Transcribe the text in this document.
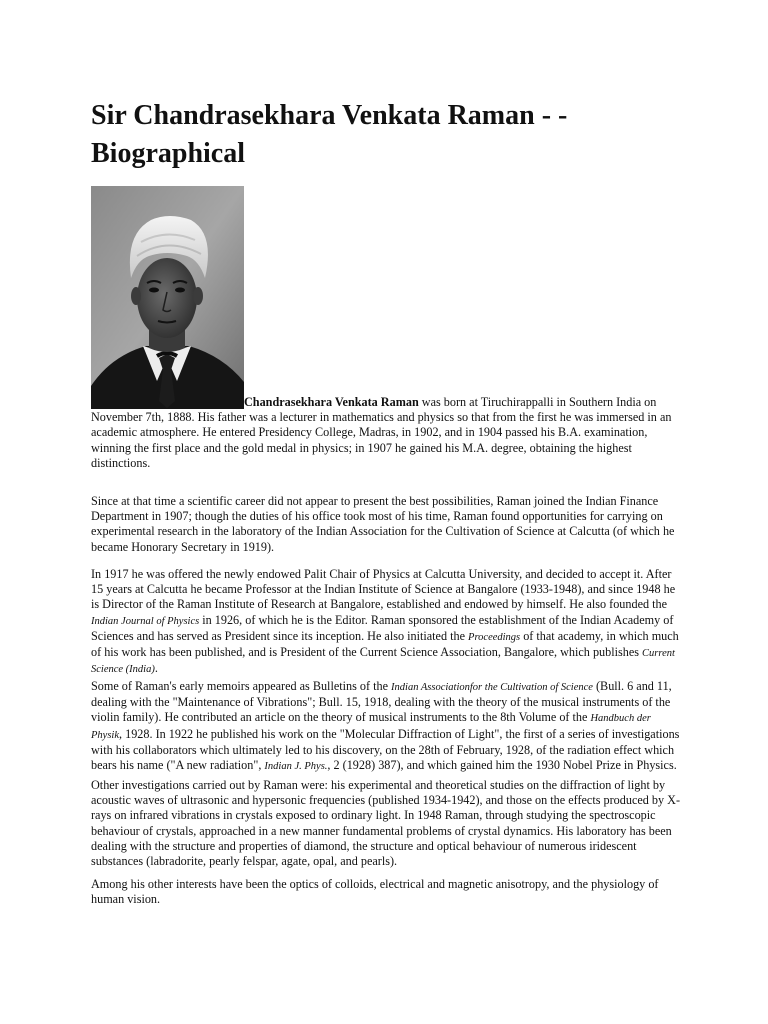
Sir Chandrasekhara Venkata Raman - - Biographical

Chandrasekhara Venkata Raman was born at Tiruchirappalli in Southern India on November 7th, 1888. His father was a lecturer in mathematics and physics so that from the first he was immersed in an academic atmosphere. He entered Presidency College, Madras, in 1902, and in 1904 passed his B.A. examination, winning the first place and the gold medal in physics; in 1907 he gained his M.A. degree, obtaining the highest distinctions.

Since at that time a scientific career did not appear to present the best possibilities, Raman joined the Indian Finance Department in 1907; though the duties of his office took most of his time, Raman found opportunities for carrying on experimental research in the laboratory of the Indian Association for the Cultivation of Science at Calcutta (of which he became Honorary Secretary in 1919).

In 1917 he was offered the newly endowed Palit Chair of Physics at Calcutta University, and decided to accept it. After 15 years at Calcutta he became Professor at the Indian Institute of Science at Bangalore (1933-1948), and since 1948 he is Director of the Raman Institute of Research at Bangalore, established and endowed by himself. He also founded the Indian Journal of Physics in 1926, of which he is the Editor. Raman sponsored the establishment of the Indian Academy of Sciences and has served as President since its inception. He also initiated the Proceedings of that academy, in which much of his work has been published, and is President of the Current Science Association, Bangalore, which publishes Current Science (India).

Some of Raman's early memoirs appeared as Bulletins of the Indian Associationfor the Cultivation of Science (Bull. 6 and 11, dealing with the "Maintenance of Vibrations"; Bull. 15, 1918, dealing with the theory of the musical instruments of the violin family). He contributed an article on the theory of musical instruments to the 8th Volume of the Handbuch der Physik, 1928. In 1922 he published his work on the "Molecular Diffraction of Light", the first of a series of investigations with his collaborators which ultimately led to his discovery, on the 28th of February, 1928, of the radiation effect which bears his name ("A new radiation", Indian J. Phys., 2 (1928) 387), and which gained him the 1930 Nobel Prize in Physics.

Other investigations carried out by Raman were: his experimental and theoretical studies on the diffraction of light by acoustic waves of ultrasonic and hypersonic frequencies (published 1934-1942), and those on the effects produced by X-rays on infrared vibrations in crystals exposed to ordinary light. In 1948 Raman, through studying the spectroscopic behaviour of crystals, approached in a new manner fundamental problems of crystal dynamics. His laboratory has been dealing with the structure and properties of diamond, the structure and optical behaviour of numerous iridescent substances (labradorite, pearly felspar, agate, opal, and pearls).

Among his other interests have been the optics of colloids, electrical and magnetic anisotropy, and the physiology of human vision.
